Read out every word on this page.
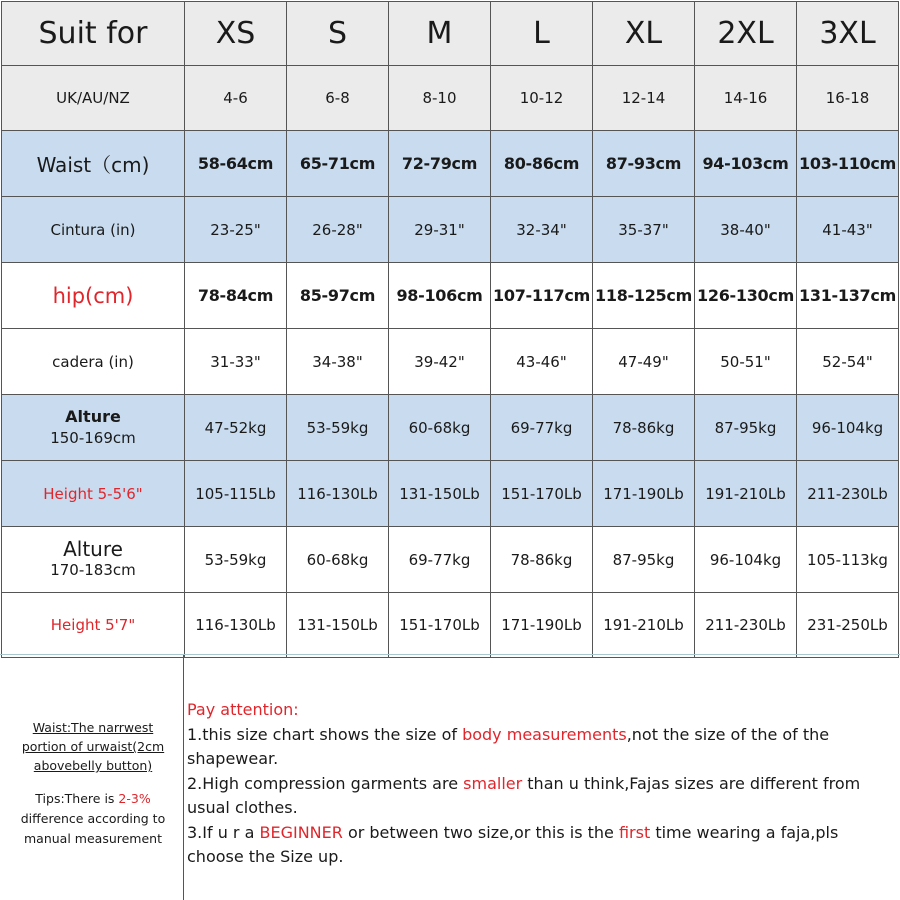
Suit for	XS	S	M	L	XL	2XL	3XL
UK/AU/NZ	4-6	6-8	8-10	10-12	12-14	14-16	16-18
Waist（cm)	58-64cm	65-71cm	72-79cm	80-86cm	87-93cm	94-103cm	103-110cm
Cintura (in)	23-25"	26-28"	29-31"	32-34"	35-37"	38-40"	41-43"
hip(cm)	78-84cm	85-97cm	98-106cm	107-117cm	118-125cm	126-130cm	131-137cm
cadera (in)	31-33"	34-38"	39-42"	43-46"	47-49"	50-51"	52-54"

Alture
150-169cm	47-52kg	53-59kg	60-68kg	69-77kg	78-86kg	87-95kg	96-104kg
Height 5-5'6"	105-115Lb	116-130Lb	131-150Lb	151-170Lb	171-190Lb	191-210Lb	211-230Lb

Alture
170-183cm	53-59kg	60-68kg	69-77kg	78-86kg	87-95kg	96-104kg	105-113kg
Height 5'7"	116-130Lb	131-150Lb	151-170Lb	171-190Lb	191-210Lb	211-230Lb	231-250Lb
Waist:The narrwest
portion of urwaist(2cm
abovebelly button)
Tips:There is 2-3%
difference according to
manual measurement
Pay attention:
1.this size chart shows the size of body measurements,not the size of the of the shapewear.
2.High compression garments are smaller than u think,Fajas sizes are different from usual clothes.
3.If u r a BEGINNER or between two size,or this is the first time wearing a faja,pls choose the Size up.
